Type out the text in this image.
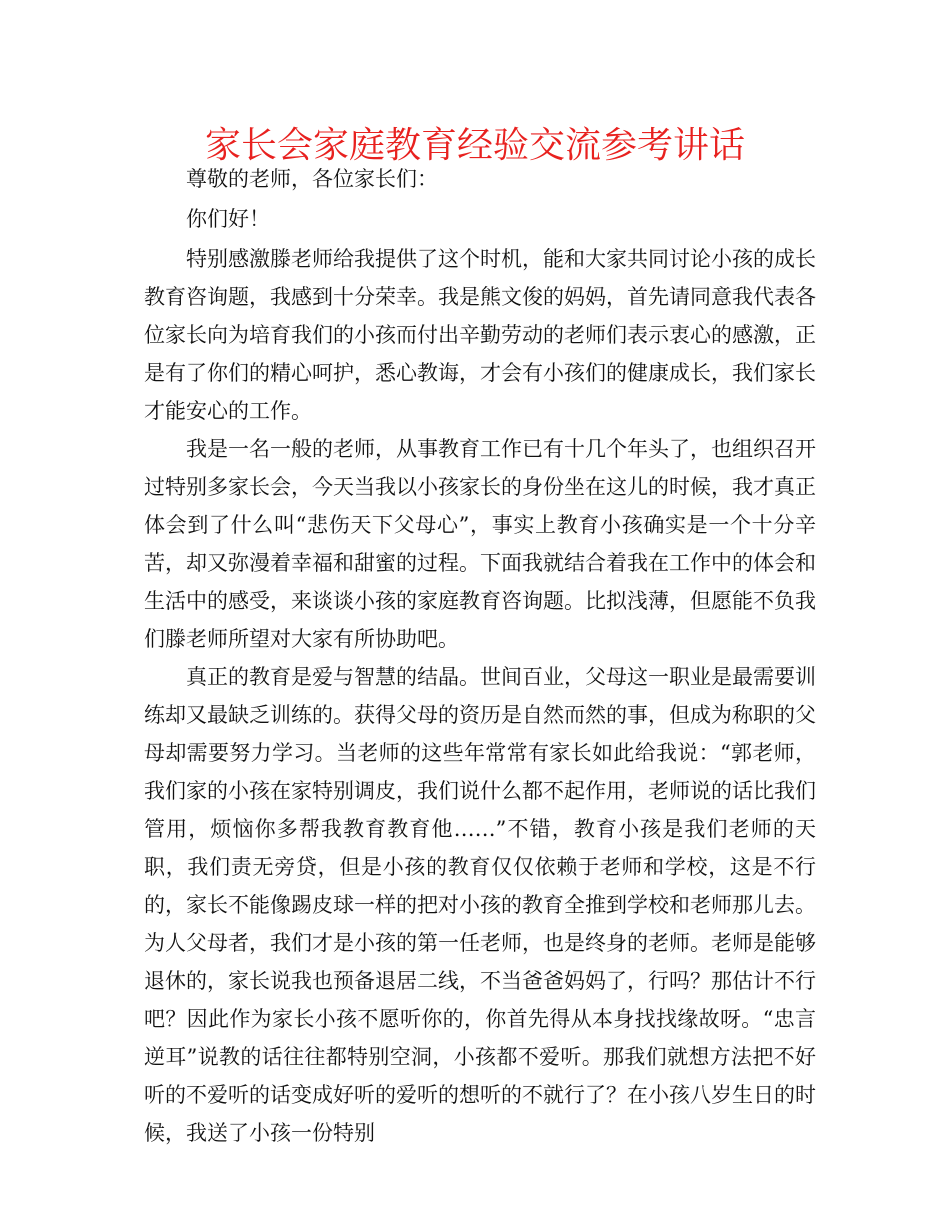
家长会家庭教育经验交流参考讲话

尊敬的老师，各位家长们：

你们好！

特别感激滕老师给我提供了这个时机，能和大家共同讨论小孩的成长教育咨询题，我感到十分荣幸。我是熊文俊的妈妈，首先请同意我代表各位家长向为培育我们的小孩而付出辛勤劳动的老师们表示衷心的感激，正是有了你们的精心呵护，悉心教诲，才会有小孩们的健康成长，我们家长才能安心的工作。

我是一名一般的老师，从事教育工作已有十几个年头了，也组织召开过特别多家长会，今天当我以小孩家长的身份坐在这儿的时候，我才真正体会到了什么叫“悲伤天下父母心”，事实上教育小孩确实是一个十分辛苦，却又弥漫着幸福和甜蜜的过程。下面我就结合着我在工作中的体会和生活中的感受，来谈谈小孩的家庭教育咨询题。比拟浅薄，但愿能不负我们滕老师所望对大家有所协助吧。

真正的教育是爱与智慧的结晶。世间百业，父母这一职业是最需要训练却又最缺乏训练的。获得父母的资历是自然而然的事，但成为称职的父母却需要努力学习。当老师的这些年常常有家长如此给我说：“郭老师，我们家的小孩在家特别调皮，我们说什么都不起作用，老师说的话比我们管用，烦恼你多帮我教育教育他……”不错，教育小孩是我们老师的天职，我们责无旁贷，但是小孩的教育仅仅依赖于老师和学校，这是不行的，家长不能像踢皮球一样的把对小孩的教育全推到学校和老师那儿去。为人父母者，我们才是小孩的第一任老师，也是终身的老师。老师是能够退休的，家长说我也预备退居二线，不当爸爸妈妈了，行吗？那估计不行吧？因此作为家长小孩不愿听你的，你首先得从本身找找缘故呀。“忠言逆耳”说教的话往往都特别空洞，小孩都不爱听。那我们就想方法把不好听的不爱听的话变成好听的爱听的想听的不就行了？在小孩八岁生日的时候，我送了小孩一份特别
